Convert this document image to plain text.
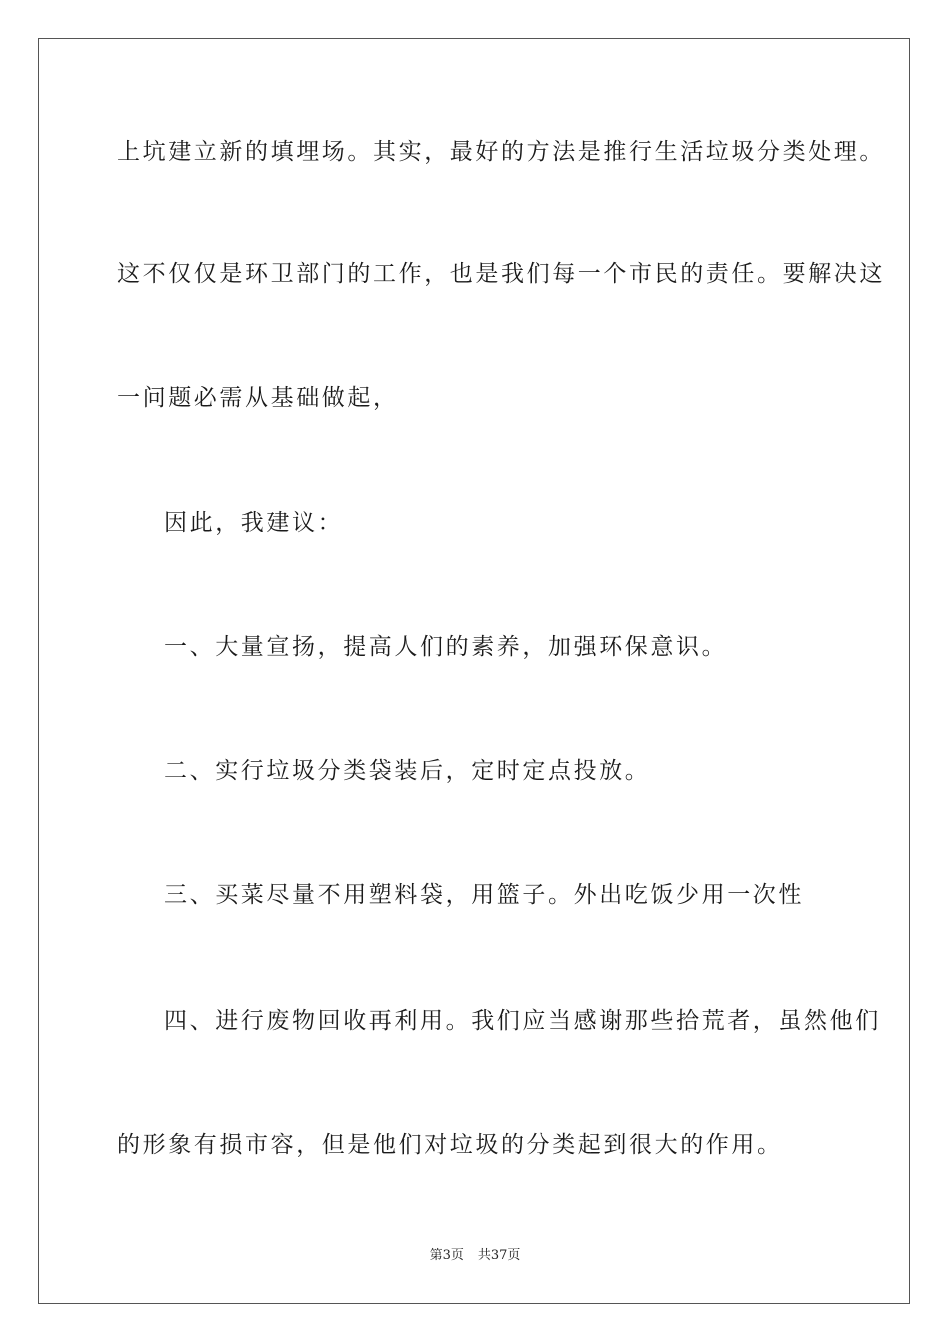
上坑建立新的填埋场。其实，最好的方法是推行生活垃圾分类处理。
这不仅仅是环卫部门的工作，也是我们每一个市民的责任。要解决这
一问题必需从基础做起，
因此，我建议：
一、大量宣扬，提高人们的素养，加强环保意识。
二、实行垃圾分类袋装后，定时定点投放。
三、买菜尽量不用塑料袋，用篮子。外出吃饭少用一次性
四、进行废物回收再利用。我们应当感谢那些拾荒者，虽然他们
的形象有损市容，但是他们对垃圾的分类起到很大的作用。
第3页 共37页
